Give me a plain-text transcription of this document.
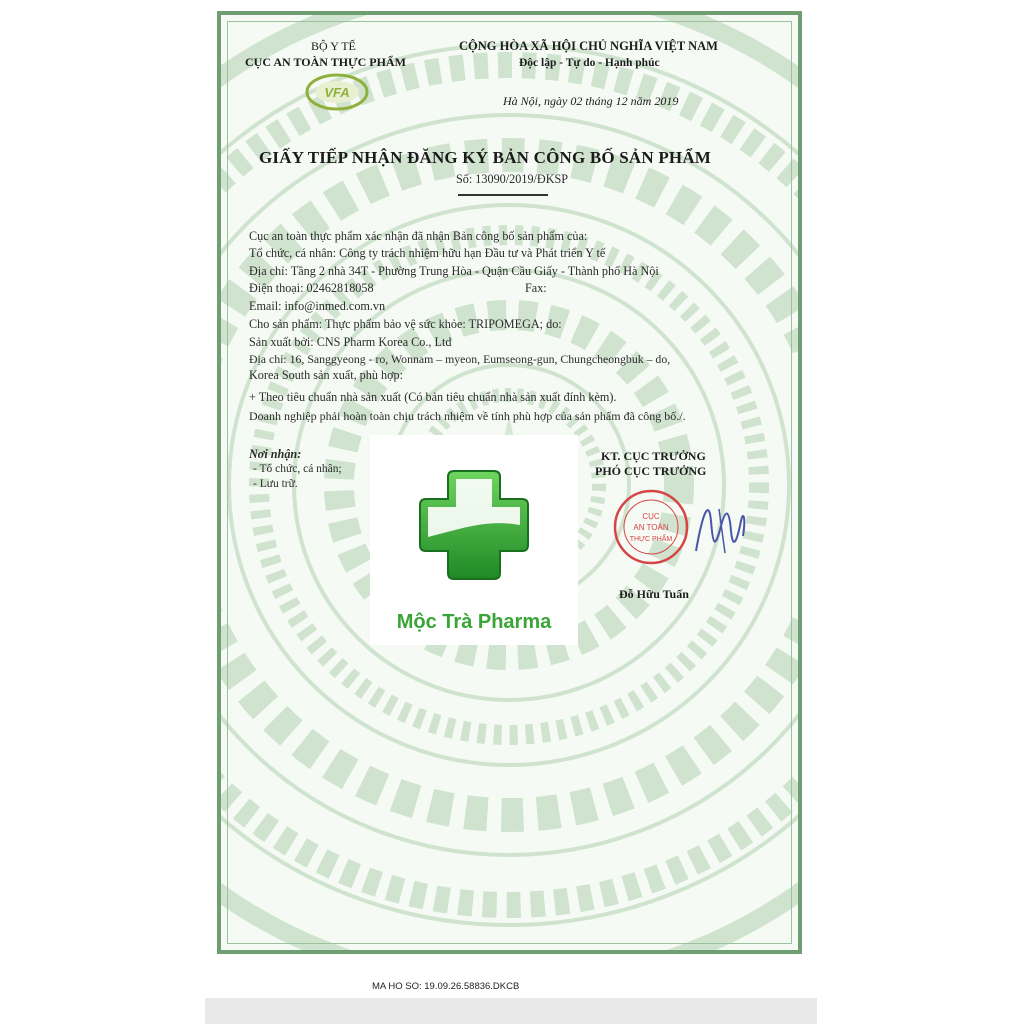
BỘ Y TẾ
CỤC AN TOÀN THỰC PHẨM
VFA
CỘNG HÒA XÃ HỘI CHỦ NGHĨA VIỆT NAM
Độc lập - Tự do - Hạnh phúc
Hà Nội, ngày 02 tháng 12 năm 2019
GIẤY TIẾP NHẬN ĐĂNG KÝ BẢN CÔNG BỐ SẢN PHẨM
Số: 13090/2019/ĐKSP
Cục an toàn thực phẩm xác nhận đã nhận Bản công bố sản phẩm của:
Tổ chức, cá nhân: Công ty trách nhiệm hữu hạn Đầu tư và Phát triển Y tế
Địa chỉ: Tầng 2 nhà 34T - Phường Trung Hòa - Quận Cầu Giấy - Thành phố Hà Nội
Điện thoại: 02462818058	Fax:
Email: info@inmed.com.vn
Cho sản phẩm: Thực phẩm bảo vệ sức khỏe: TRIPOMEGA; do:
Sản xuất bởi: CNS Pharm Korea Co., Ltd
Địa chỉ: 16, Sanggyeong - ro, Wonnam – myeon, Eumseong-gun, Chungcheongbuk – do,
Korea South sản xuất, phù hợp:
+ Theo tiêu chuẩn nhà sản xuất (Có bản tiêu chuẩn nhà sản xuất đính kèm).
Doanh nghiệp phải hoàn toàn chịu trách nhiệm về tính phù hợp của sản phẩm đã công bố./.
Nơi nhận:
- Tổ chức, cá nhân;
- Lưu trữ.
KT. CỤC TRƯỞNG
PHÓ CỤC TRƯỞNG
CỤC
AN TOÀN
THỰC PHẨM
Đỗ Hữu Tuấn
Mộc Trà Pharma
MA HO SO: 19.09.26.58836.DKCB
